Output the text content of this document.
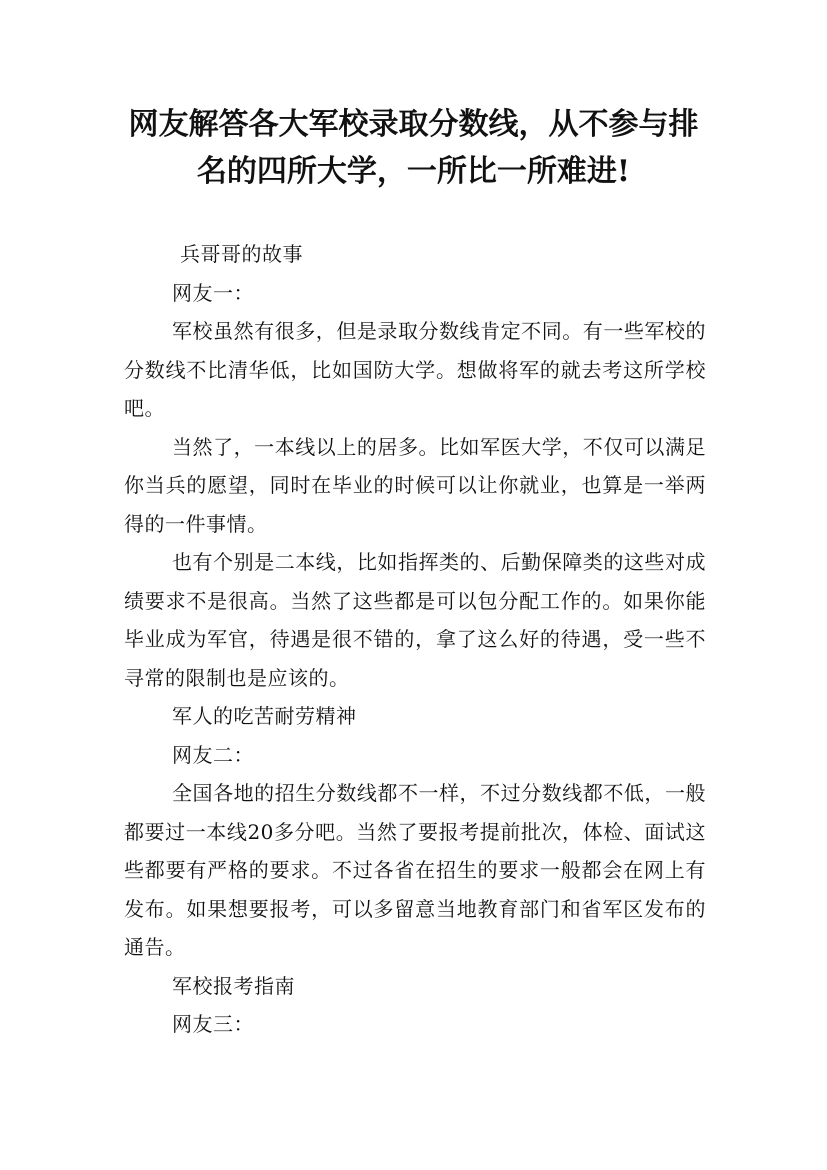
网友解答各大军校录取分数线，从不参与排
名的四所大学，一所比一所难进!

兵哥哥的故事

网友一：

军校虽然有很多，但是录取分数线肯定不同。有一些军校的分数线不比清华低，比如国防大学。想做将军的就去考这所学校吧。

当然了，一本线以上的居多。比如军医大学，不仅可以满足你当兵的愿望，同时在毕业的时候可以让你就业，也算是一举两得的一件事情。

也有个别是二本线，比如指挥类的、后勤保障类的这些对成绩要求不是很高。当然了这些都是可以包分配工作的。如果你能毕业成为军官，待遇是很不错的，拿了这么好的待遇，受一些不寻常的限制也是应该的。

军人的吃苦耐劳精神

网友二：

全国各地的招生分数线都不一样，不过分数线都不低，一般都要过一本线20多分吧。当然了要报考提前批次，体检、面试这些都要有严格的要求。不过各省在招生的要求一般都会在网上有发布。如果想要报考，可以多留意当地教育部门和省军区发布的通告。

军校报考指南

网友三：
